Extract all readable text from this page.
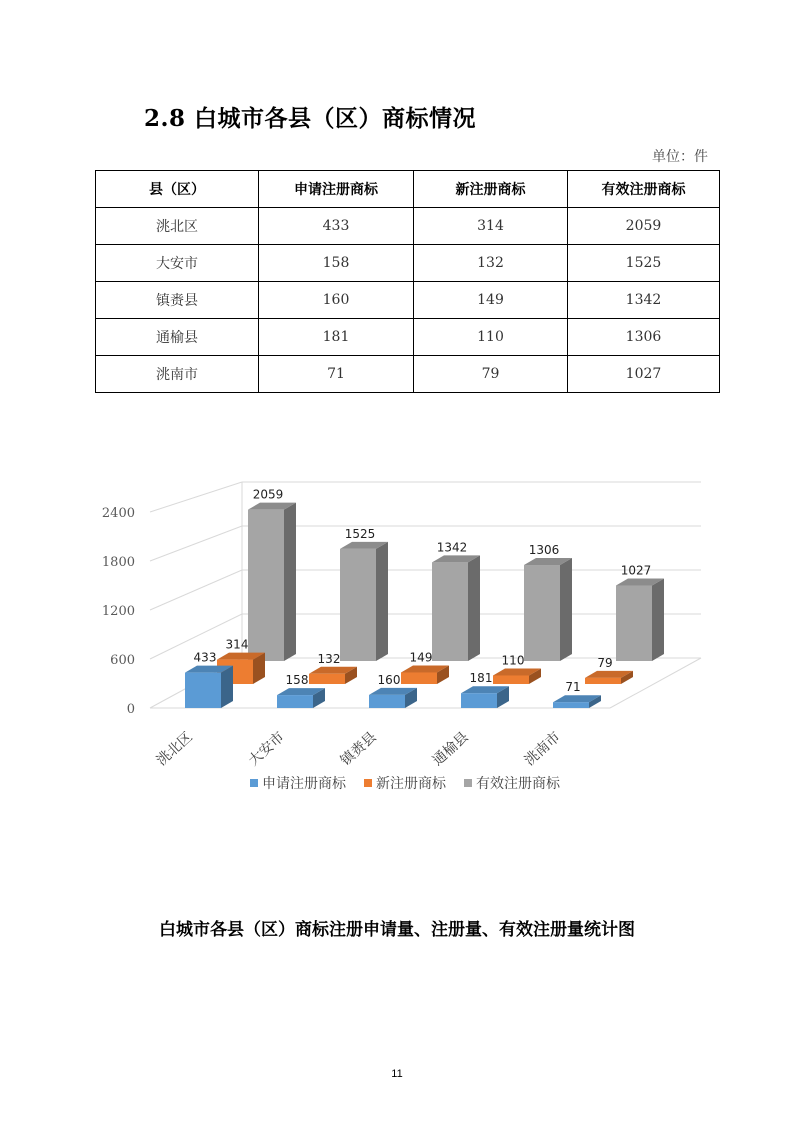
2.8 白城市各县（区）商标情况
单位：件
县（区）	申请注册商标	新注册商标	有效注册商标
洮北区	433	314	2059
大安市	158	132	1525
镇赉县	160	149	1342
通榆县	181	110	1306
洮南市	71	79	1027
0
600
1200
1800
2400
2059
1525
1342	1306
1027
314
132	149	110	79
433
158	160	181
71
洮北区	大安市	镇赉县	通榆县	洮南市
申请注册商标 新注册商标 有效注册商标
白城市各县（区）商标注册申请量、注册量、有效注册量统计图
11
